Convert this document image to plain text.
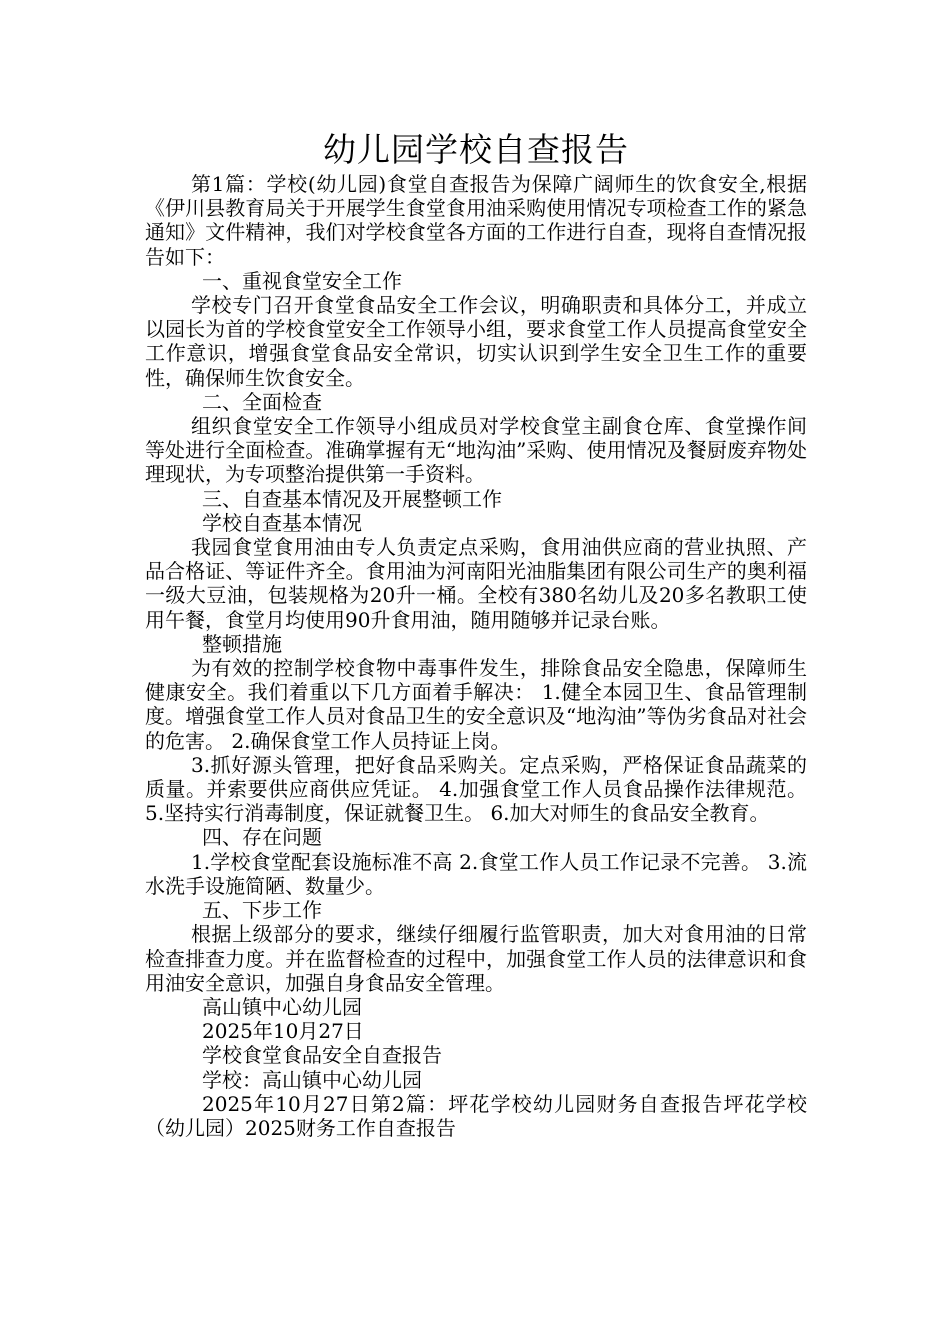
幼儿园学校自查报告

第1篇：学校(幼儿园)食堂自查报告为保障广阔师生的饮食安全,根据《伊川县教育局关于开展学生食堂食用油采购使用情况专项检查工作的紧急通知》文件精神，我们对学校食堂各方面的工作进行自查，现将自查情况报告如下：

一、重视食堂安全工作

学校专门召开食堂食品安全工作会议，明确职责和具体分工，并成立以园长为首的学校食堂安全工作领导小组，要求食堂工作人员提高食堂安全工作意识，增强食堂食品安全常识，切实认识到学生安全卫生工作的重要性，确保师生饮食安全。

二、全面检查

组织食堂安全工作领导小组成员对学校食堂主副食仓库、食堂操作间等处进行全面检查。准确掌握有无“地沟油”采购、使用情况及餐厨废弃物处理现状，为专项整治提供第一手资料。

三、自查基本情况及开展整顿工作

学校自查基本情况

我园食堂食用油由专人负责定点采购，食用油供应商的营业执照、产品合格证、等证件齐全。食用油为河南阳光油脂集团有限公司生产的奥利福一级大豆油，包装规格为20升一桶。全校有380名幼儿及20多名教职工使用午餐，食堂月均使用90升食用油，随用随够并记录台账。

整顿措施

为有效的控制学校食物中毒事件发生，排除食品安全隐患，保障师生健康安全。我们着重以下几方面着手解决： 1.健全本园卫生、食品管理制度。增强食堂工作人员对食品卫生的安全意识及“地沟油”等伪劣食品对社会的危害。 2.确保食堂工作人员持证上岗。

3.抓好源头管理，把好食品采购关。定点采购，严格保证食品蔬菜的质量。并索要供应商供应凭证。 4.加强食堂工作人员食品操作法律规范。 5.坚持实行消毒制度，保证就餐卫生。 6.加大对师生的食品安全教育。

四、存在问题

1.学校食堂配套设施标准不高 2.食堂工作人员工作记录不完善。 3.流水洗手设施简陋、数量少。

五、下步工作

根据上级部分的要求，继续仔细履行监管职责，加大对食用油的日常检查排查力度。并在监督检查的过程中，加强食堂工作人员的法律意识和食用油安全意识，加强自身食品安全管理。

高山镇中心幼儿园

2025年10月27日

学校食堂食品安全自查报告

学校：高山镇中心幼儿园

2025年10月27日第2篇：坪花学校幼儿园财务自查报告坪花学校（幼儿园）2025财务工作自查报告
